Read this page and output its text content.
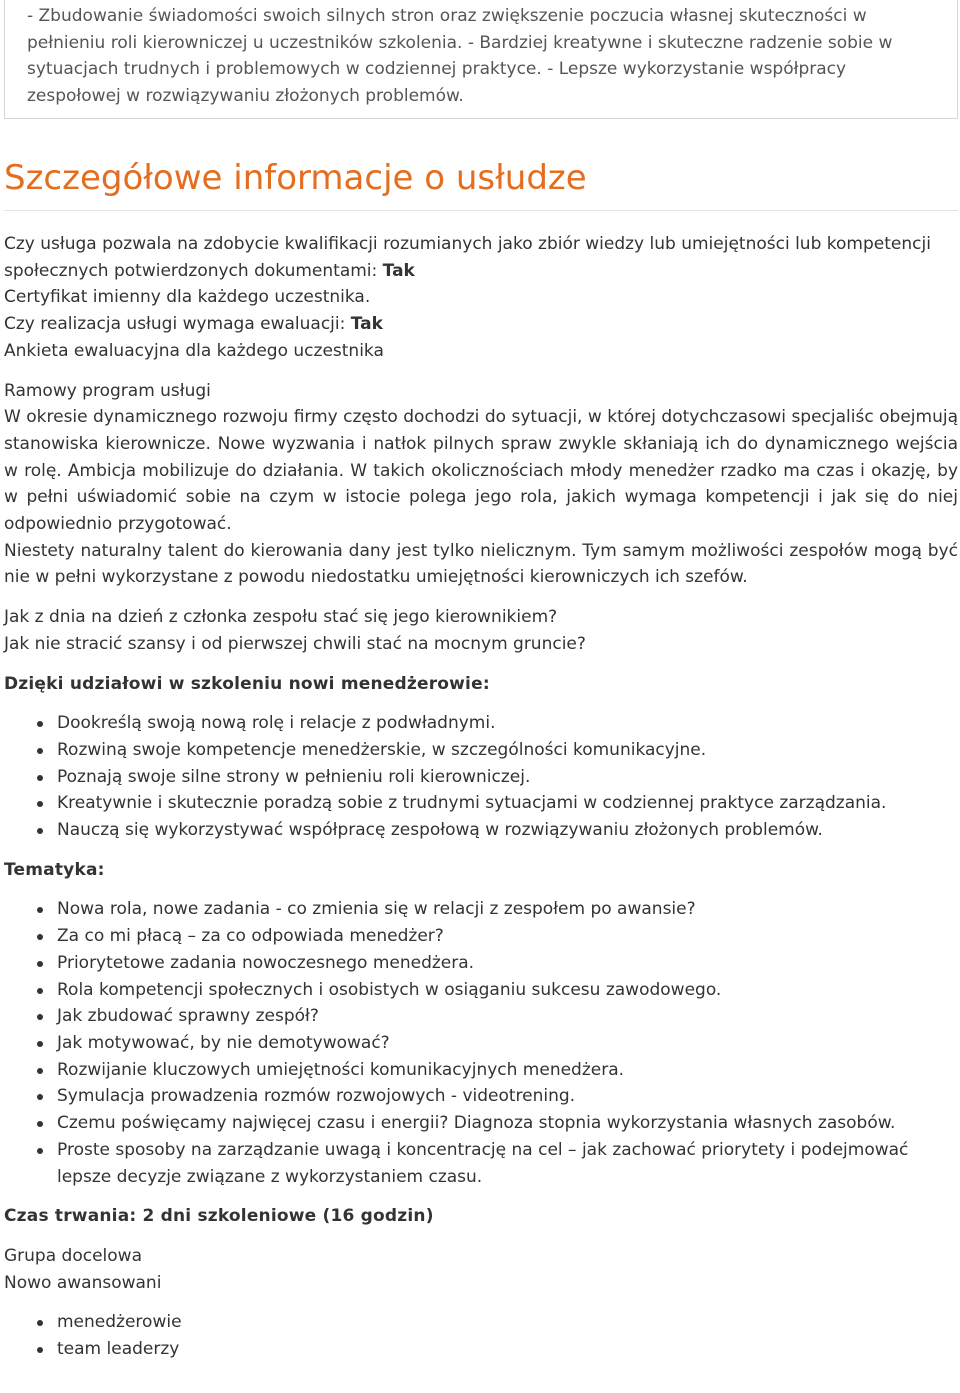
- Zbudowanie świadomości swoich silnych stron oraz zwiększenie poczucia własnej skuteczności w pełnieniu roli kierowniczej u uczestników szkolenia. - Bardziej kreatywne i skuteczne radzenie sobie w sytuacjach trudnych i problemowych w codziennej praktyce. - Lepsze wykorzystanie współpracy zespołowej w rozwiązywaniu złożonych problemów.

Szczegółowe informacje o usłudze

Czy usługa pozwala na zdobycie kwalifikacji rozumianych jako zbiór wiedzy lub umiejętności lub kompetencji społecznych potwierdzonych dokumentami: Tak

Certyfikat imienny dla każdego uczestnika.

Czy realizacja usługi wymaga ewaluacji: Tak

Ankieta ewaluacyjna dla każdego uczestnika

Ramowy program usługi

W okresie dynamicznego rozwoju firmy często dochodzi do sytuacji, w której dotychczasowi specjaliśc obejmują stanowiska kierownicze. Nowe wyzwania i natłok pilnych spraw zwykle skłaniają ich do dynamicznego wejścia w rolę. Ambicja mobilizuje do działania. W takich okolicznościach młody menedżer rzadko ma czas i okazję, by w pełni uświadomić sobie na czym w istocie polega jego rola, jakich wymaga kompetencji i jak się do niej odpowiednio przygotować.

Niestety naturalny talent do kierowania dany jest tylko nielicznym. Tym samym możliwości zespołów mogą być nie w pełni wykorzystane z powodu niedostatku umiejętności kierowniczych ich szefów.

Jak z dnia na dzień z członka zespołu stać się jego kierownikiem?

Jak nie stracić szansy i od pierwszej chwili stać na mocnym gruncie?

Dzięki udziałowi w szkoleniu nowi menedżerowie:

Dookreślą swoją nową rolę i relacje z podwładnymi.
Rozwiną swoje kompetencje menedżerskie, w szczególności komunikacyjne.
Poznają swoje silne strony w pełnieniu roli kierowniczej.
Kreatywnie i skutecznie poradzą sobie z trudnymi sytuacjami w codziennej praktyce zarządzania.
Nauczą się wykorzystywać współpracę zespołową w rozwiązywaniu złożonych problemów.

Tematyka:

Nowa rola, nowe zadania - co zmienia się w relacji z zespołem po awansie?
Za co mi płacą – za co odpowiada menedżer?
Priorytetowe zadania nowoczesnego menedżera.
Rola kompetencji społecznych i osobistych w osiąganiu sukcesu zawodowego.
Jak zbudować sprawny zespół?
Jak motywować, by nie demotywować?
Rozwijanie kluczowych umiejętności komunikacyjnych menedżera.
Symulacja prowadzenia rozmów rozwojowych - videotrening.
Czemu poświęcamy najwięcej czasu i energii? Diagnoza stopnia wykorzystania własnych zasobów.
Proste sposoby na zarządzanie uwagą i koncentrację na cel – jak zachować priorytety i podejmować lepsze decyzje związane z wykorzystaniem czasu.

Czas trwania: 2 dni szkoleniowe (16 godzin)

Grupa docelowa

Nowo awansowani

menedżerowie
team leaderzy
